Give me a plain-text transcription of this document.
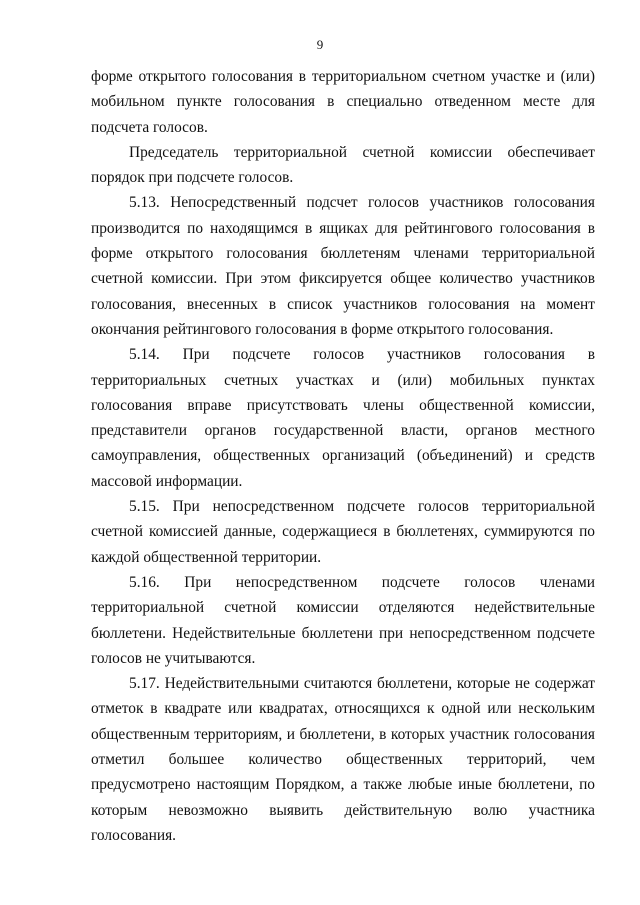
9

форме открытого голосования в территориальном счетном участке и (или) мобильном пункте голосования в специально отведенном месте для подсчета голосов.

Председатель территориальной счетной комиссии обеспечивает порядок при подсчете голосов.

5.13. Непосредственный подсчет голосов участников голосования производится по находящимся в ящиках для рейтингового голосования в форме открытого голосования бюллетеням членами территориальной счетной комиссии. При этом фиксируется общее количество участников голосования, внесенных в список участников голосования на момент окончания рейтингового голосования в форме открытого голосования.

5.14. При подсчете голосов участников голосования в территориальных счетных участках и (или) мобильных пунктах голосования вправе присутствовать члены общественной комиссии, представители органов государственной власти, органов местного самоуправления, общественных организаций (объединений) и средств массовой информации.

5.15. При непосредственном подсчете голосов территориальной счетной комиссией данные, содержащиеся в бюллетенях, суммируются по каждой общественной территории.

5.16. При непосредственном подсчете голосов членами территориальной счетной комиссии отделяются недействительные бюллетени. Недействительные бюллетени при непосредственном подсчете голосов не учитываются.

5.17. Недействительными считаются бюллетени, которые не содержат отметок в квадрате или квадратах, относящихся к одной или нескольким общественным территориям, и бюллетени, в которых участник голосования отметил большее количество общественных территорий, чем предусмотрено настоящим Порядком, а также любые иные бюллетени, по которым невозможно выявить действительную волю участника голосования.
